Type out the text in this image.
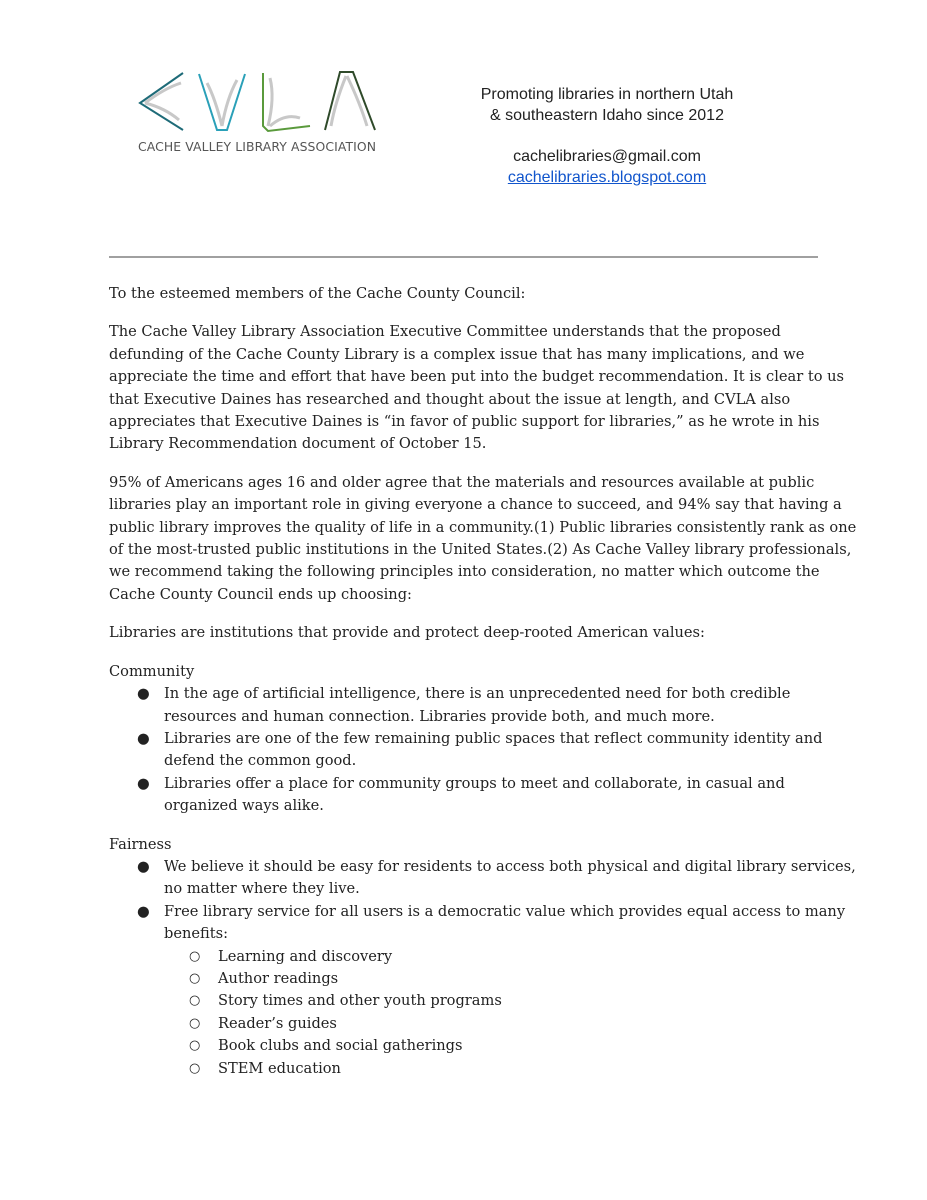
CACHE VALLEY LIBRARY ASSOCIATION
Promoting libraries in northern Utah
& southeastern Idaho since 2012
cachelibraries@gmail.com
cachelibraries.blogspot.com
To the esteemed members of the Cache County Council:
The Cache Valley Library Association Executive Committee understands that the proposed
defunding of the Cache County Library is a complex issue that has many implications, and we
appreciate the time and effort that have been put into the budget recommendation. It is clear to us
that Executive Daines has researched and thought about the issue at length, and CVLA also
appreciates that Executive Daines is “in favor of public support for libraries,” as he wrote in his
Library Recommendation document of October 15.
95% of Americans ages 16 and older agree that the materials and resources available at public
libraries play an important role in giving everyone a chance to succeed, and 94% say that having a
public library improves the quality of life in a community.(1) Public libraries consistently rank as one
of the most-trusted public institutions in the United States.(2) As Cache Valley library professionals,
we recommend taking the following principles into consideration, no matter which outcome the
Cache County Council ends up choosing:
Libraries are institutions that provide and protect deep-rooted American values:
Community
● In the age of artificial intelligence, there is an unprecedented need for both credible
resources and human connection. Libraries provide both, and much more.
● Libraries are one of the few remaining public spaces that reflect community identity and
defend the common good.
● Libraries offer a place for community groups to meet and collaborate, in casual and
organized ways alike.
Fairness
● We believe it should be easy for residents to access both physical and digital library services,
no matter where they live.
● Free library service for all users is a democratic value which provides equal access to many
benefits:
○ Learning and discovery
○ Author readings
○ Story times and other youth programs
○ Reader’s guides
○ Book clubs and social gatherings
○ STEM education
